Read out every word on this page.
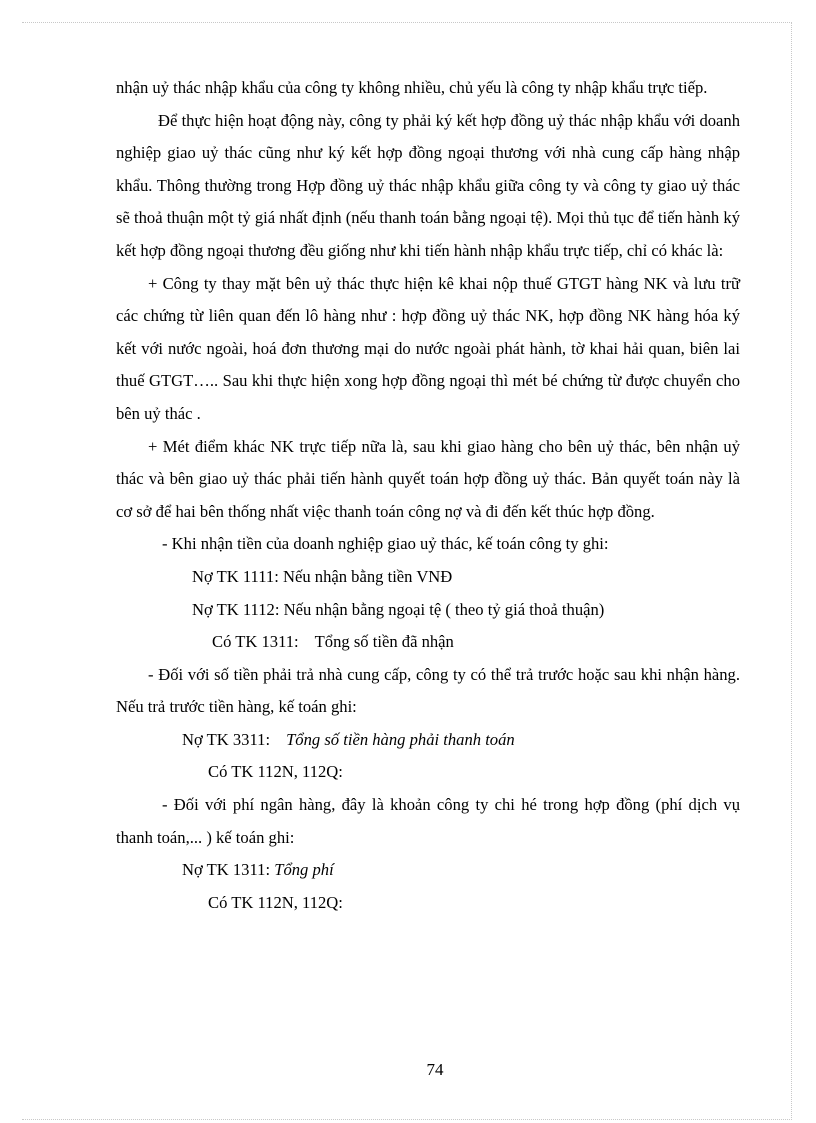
nhận uỷ thác nhập khẩu của công ty không nhiều, chủ yếu là công ty nhập khẩu trực tiếp.

Để thực hiện hoạt động này, công ty phải ký kết hợp đồng uỷ thác nhập khẩu với doanh nghiệp giao uỷ thác cũng như ký kết hợp đồng ngoại thương với nhà cung cấp hàng nhập khẩu. Thông thường trong Hợp đồng uỷ thác nhập khẩu giữa công ty và công ty giao uỷ thác sẽ thoả thuận một tỷ giá nhất định (nếu thanh toán bằng ngoại tệ). Mọi thủ tục để tiến hành ký kết hợp đồng ngoại thương đều giống như khi tiến hành nhập khẩu trực tiếp, chỉ có khác là:

+ Công ty thay mặt bên uỷ thác thực hiện kê khai nộp thuế GTGT hàng NK và lưu trữ các chứng từ liên quan đến lô hàng như : hợp đồng uỷ thác NK, hợp đồng NK hàng hóa ký kết với nước ngoài, hoá đơn thương mại do nước ngoài phát hành, tờ khai hải quan, biên lai thuế GTGT….. Sau khi thực hiện xong hợp đồng ngoại thì mét bé chứng từ được chuyển cho bên uỷ thác .

+ Mét điểm khác NK trực tiếp nữa là, sau khi giao hàng cho bên uỷ thác, bên nhận uỷ thác và bên giao uỷ thác phải tiến hành quyết toán hợp đồng uỷ thác. Bản quyết toán này là cơ sở để hai bên thống nhất việc thanh toán công nợ và đi đến kết thúc hợp đồng.

- Khi nhận tiền của doanh nghiệp giao uỷ thác, kế toán công ty ghi:

Nợ TK 1111: Nếu nhận bằng tiền VNĐ

Nợ TK 1112: Nếu nhận bằng ngoại tệ ( theo tỷ giá thoả thuận)

Có TK 1311: Tổng số tiền đã nhận

- Đối với số tiền phải trả nhà cung cấp, công ty có thể trả trước hoặc sau khi nhận hàng. Nếu trả trước tiền hàng, kế toán ghi:

Nợ TK 3311: Tổng số tiền hàng phải thanh toán

Có TK 112N, 112Q:

- Đối với phí ngân hàng, đây là khoản công ty chi hé trong hợp đồng (phí dịch vụ thanh toán,... ) kế toán ghi:

Nợ TK 1311: Tổng phí

Có TK 112N, 112Q:

74
